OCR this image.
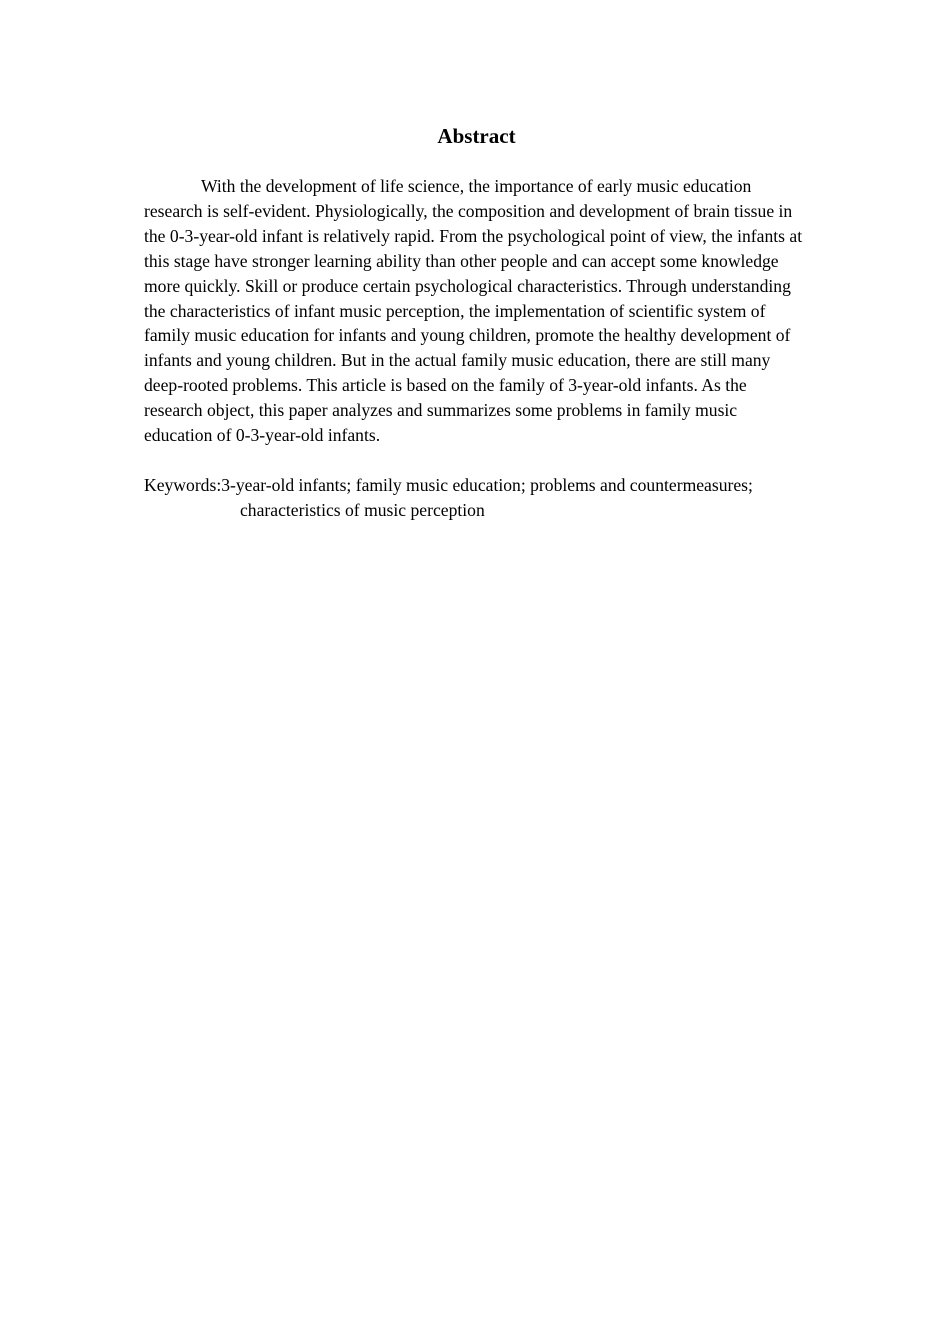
Abstract

With the development of life science, the importance of early music education research is self-evident. Physiologically, the composition and development of brain tissue in the 0-3-year-old infant is relatively rapid. From the psychological point of view, the infants at this stage have stronger learning ability than other people and can accept some knowledge more quickly. Skill or produce certain psychological characteristics. Through understanding the characteristics of infant music perception, the implementation of scientific system of family music education for infants and young children, promote the healthy development of infants and young children. But in the actual family music education, there are still many deep-rooted problems. This article is based on the family of 3-year-old infants. As the research object, this paper analyzes and summarizes some problems in family music education of 0-3-year-old infants.

Keywords:3-year-old infants; family music education; problems and countermeasures; characteristics of music perception
